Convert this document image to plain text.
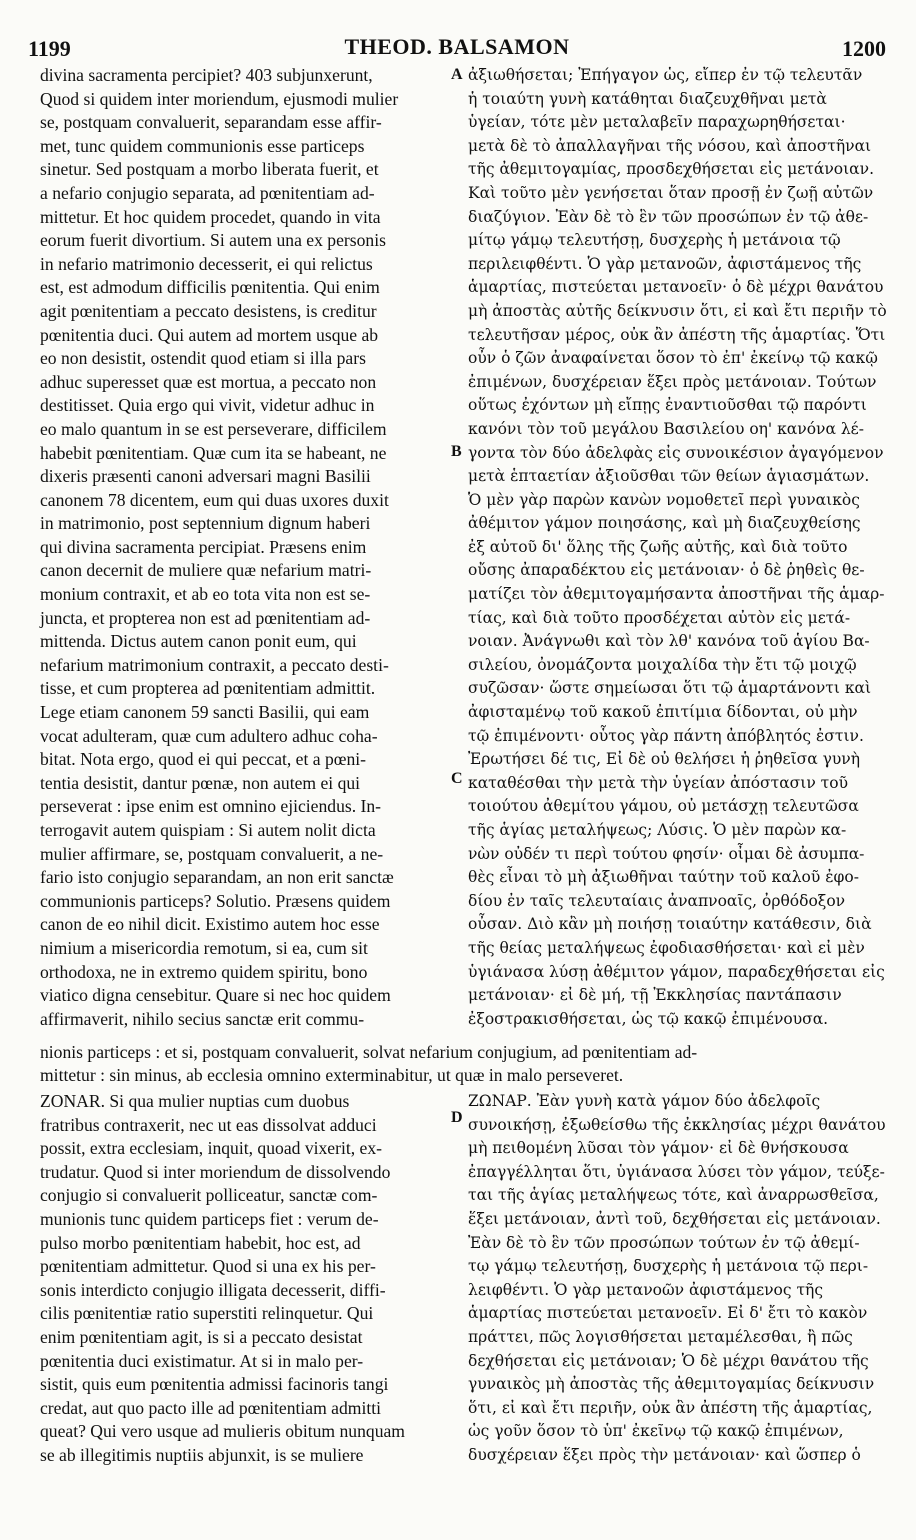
1199	THEOD. BALSAMON	1200
A
B
C
D
divina sacramenta percipiet? 403 subjunxerunt,
Quod si quidem inter moriendum, ejusmodi mulier
se, postquam convaluerit, separandam esse affir-
met, tunc quidem communionis esse particeps
sinetur. Sed postquam a morbo liberata fuerit, et
a nefario conjugio separata, ad pœnitentiam ad-
mittetur. Et hoc quidem procedet, quando in vita
eorum fuerit divortium. Si autem una ex personis
in nefario matrimonio decesserit, ei qui relictus
est, est admodum difficilis pœnitentia. Qui enim
agit pœnitentiam a peccato desistens, is creditur
pœnitentia duci. Qui autem ad mortem usque ab
eo non desistit, ostendit quod etiam si illa pars
adhuc superesset quæ est mortua, a peccato non
destitisset. Quia ergo qui vivit, videtur adhuc in
eo malo quantum in se est perseverare, difficilem
habebit pœnitentiam. Quæ cum ita se habeant, ne
dixeris præsenti canoni adversari magni Basilii
canonem 78 dicentem, eum qui duas uxores duxit
in matrimonio, post septennium dignum haberi
qui divina sacramenta percipiat. Præsens enim
canon decernit de muliere quæ nefarium matri-
monium contraxit, et ab eo tota vita non est se-
juncta, et propterea non est ad pœnitentiam ad-
mittenda. Dictus autem canon ponit eum, qui
nefarium matrimonium contraxit, a peccato desti-
tisse, et cum propterea ad pœnitentiam admittit.
Lege etiam canonem 59 sancti Basilii, qui eam
vocat adulteram, quæ cum adultero adhuc coha-
bitat. Nota ergo, quod ei qui peccat, et a pœni-
tentia desistit, dantur pœnæ, non autem ei qui
perseverat : ipse enim est omnino ejiciendus. In-
terrogavit autem quispiam : Si autem nolit dicta
mulier affirmare, se, postquam convaluerit, a ne-
fario isto conjugio separandam, an non erit sanctæ
communionis particeps? Solutio. Præsens quidem
canon de eo nihil dicit. Existimo autem hoc esse
nimium a misericordia remotum, si ea, cum sit
orthodoxa, ne in extremo quidem spiritu, bono
viatico digna censebitur. Quare si nec hoc quidem
affirmaverit, nihilo secius sanctæ erit commu-
ἀξιωθήσεται; Ἐπήγαγον ὡς, εἴπερ ἐν τῷ τελευτᾶν
ἡ τοιαύτη γυνὴ κατάθηται διαζευχθῆναι μετὰ
ὑγείαν, τότε μὲν μεταλαβεῖν παραχωρηθήσεται·
μετὰ δὲ τὸ ἀπαλλαγῆναι τῆς νόσου, καὶ ἀποστῆναι
τῆς ἀθεμιτογαμίας, προσδεχθήσεται εἰς μετάνοιαν.
Καὶ τοῦτο μὲν γενήσεται ὅταν προσῇ ἐν ζωῇ αὐτῶν
διαζύγιον. Ἐὰν δὲ τὸ ἓν τῶν προσώπων ἐν τῷ ἀθε-
μίτῳ γάμῳ τελευτήσῃ, δυσχερὴς ἡ μετάνοια τῷ
περιλειφθέντι. Ὁ γὰρ μετανοῶν, ἀφιστάμενος τῆς
ἁμαρτίας, πιστεύεται μετανοεῖν· ὁ δὲ μέχρι θανάτου
μὴ ἀποστὰς αὐτῆς δείκνυσιν ὅτι, εἰ καὶ ἔτι περιῆν τὸ
τελευτῆσαν μέρος, οὐκ ἂν ἀπέστη τῆς ἁμαρτίας. Ὅτι
οὖν ὁ ζῶν ἀναφαίνεται ὅσον τὸ ἐπ' ἐκείνῳ τῷ κακῷ
ἐπιμένων, δυσχέρειαν ἕξει πρὸς μετάνοιαν. Τούτων
οὕτως ἐχόντων μὴ εἴπῃς ἐναντιοῦσθαι τῷ παρόντι
κανόνι τὸν τοῦ μεγάλου Βασιλείου οη' κανόνα λέ-
γοντα τὸν δύο ἀδελφὰς εἰς συνοικέσιον ἀγαγόμενον
μετὰ ἑπταετίαν ἀξιοῦσθαι τῶν θείων ἁγιασμάτων.
Ὁ μὲν γὰρ παρὼν κανὼν νομοθετεῖ περὶ γυναικὸς
ἀθέμιτον γάμον ποιησάσης, καὶ μὴ διαζευχθείσης
ἐξ αὐτοῦ δι' ὅλης τῆς ζωῆς αὐτῆς, καὶ διὰ τοῦτο
οὔσης ἀπαραδέκτου εἰς μετάνοιαν· ὁ δὲ ῥηθεὶς θε-
ματίζει τὸν ἀθεμιτογαμήσαντα ἀποστῆναι τῆς ἁμαρ-
τίας, καὶ διὰ τοῦτο προσδέχεται αὐτὸν εἰς μετά-
νοιαν. Ἀνάγνωθι καὶ τὸν λθ' κανόνα τοῦ ἁγίου Βα-
σιλείου, ὀνομάζοντα μοιχαλίδα τὴν ἔτι τῷ μοιχῷ
συζῶσαν· ὥστε σημείωσαι ὅτι τῷ ἁμαρτάνοντι καὶ
ἀφισταμένῳ τοῦ κακοῦ ἐπιτίμια δίδονται, οὐ μὴν
τῷ ἐπιμένοντι· οὗτος γὰρ πάντη ἀπόβλητός ἐστιν.
Ἐρωτήσει δέ τις, Εἰ δὲ οὐ θελήσει ἡ ῥηθεῖσα γυνὴ
καταθέσθαι τὴν μετὰ τὴν ὑγείαν ἀπόστασιν τοῦ
τοιούτου ἀθεμίτου γάμου, οὐ μετάσχῃ τελευτῶσα
τῆς ἁγίας μεταλήψεως; Λύσις. Ὁ μὲν παρὼν κα-
νὼν οὐδέν τι περὶ τούτου φησίν· οἶμαι δὲ ἀσυμπα-
θὲς εἶναι τὸ μὴ ἀξιωθῆναι ταύτην τοῦ καλοῦ ἐφο-
δίου ἐν ταῖς τελευταίαις ἀναπνοαῖς, ὀρθόδοξον
οὖσαν. Διὸ κἂν μὴ ποιήσῃ τοιαύτην κατάθεσιν, διὰ
τῆς θείας μεταλήψεως ἐφοδιασθήσεται· καὶ εἰ μὲν
ὑγιάνασα λύσῃ ἀθέμιτον γάμον, παραδεχθήσεται εἰς
μετάνοιαν· εἰ δὲ μή, τῇ Ἐκκλησίας παντάπασιν
ἐξοστρακισθήσεται, ὡς τῷ κακῷ ἐπιμένουσα.
nionis particeps : et si, postquam convaluerit, solvat nefarium conjugium, ad pœnitentiam ad-
mittetur : sin minus, ab ecclesia omnino exterminabitur, ut quæ in malo perseveret.
ZONAR. Si qua mulier nuptias cum duobus
fratribus contraxerit, nec ut eas dissolvat adduci
possit, extra ecclesiam, inquit, quoad vixerit, ex-
trudatur. Quod si inter moriendum de dissolvendo
conjugio si convaluerit polliceatur, sanctæ com-
munionis tunc quidem particeps fiet : verum de-
pulso morbo pœnitentiam habebit, hoc est, ad
pœnitentiam admittetur. Quod si una ex his per-
sonis interdicto conjugio illigata decesserit, diffi-
cilis pœnitentiæ ratio superstiti relinquetur. Qui
enim pœnitentiam agit, is si a peccato desistat
pœnitentia duci existimatur. At si in malo per-
sistit, quis eum pœnitentia admissi facinoris tangi
credat, aut quo pacto ille ad pœnitentiam admitti
queat? Qui vero usque ad mulieris obitum nunquam
se ab illegitimis nuptiis abjunxit, is se muliere
ΖΩΝΑΡ. Ἐὰν γυνὴ κατὰ γάμον δύο ἀδελφοῖς
συνοικήσῃ, ἐξωθείσθω τῆς ἐκκλησίας μέχρι θανάτου
μὴ πειθομένη λῦσαι τὸν γάμον· εἰ δὲ θνήσκουσα
ἐπαγγέλληται ὅτι, ὑγιάνασα λύσει τὸν γάμον, τεύξε-
ται τῆς ἁγίας μεταλήψεως τότε, καὶ ἀναρρωσθεῖσα,
ἕξει μετάνοιαν, ἀντὶ τοῦ, δεχθήσεται εἰς μετάνοιαν.
Ἐὰν δὲ τὸ ἓν τῶν προσώπων τούτων ἐν τῷ ἀθεμί-
τῳ γάμῳ τελευτήσῃ, δυσχερὴς ἡ μετάνοια τῷ περι-
λειφθέντι. Ὁ γὰρ μετανοῶν ἀφιστάμενος τῆς
ἁμαρτίας πιστεύεται μετανοεῖν. Εἰ δ' ἔτι τὸ κακὸν
πράττει, πῶς λογισθήσεται μεταμέλεσθαι, ἢ πῶς
δεχθήσεται εἰς μετάνοιαν; Ὁ δὲ μέχρι θανάτου τῆς
γυναικὸς μὴ ἀποστὰς τῆς ἀθεμιτογαμίας δείκνυσιν
ὅτι, εἰ καὶ ἔτι περιῆν, οὐκ ἂν ἀπέστη τῆς ἁμαρτίας,
ὡς γοῦν ὅσον τὸ ὑπ' ἐκεῖνῳ τῷ κακῷ ἐπιμένων,
δυσχέρειαν ἕξει πρὸς τὴν μετάνοιαν· καὶ ὥσπερ ὁ
